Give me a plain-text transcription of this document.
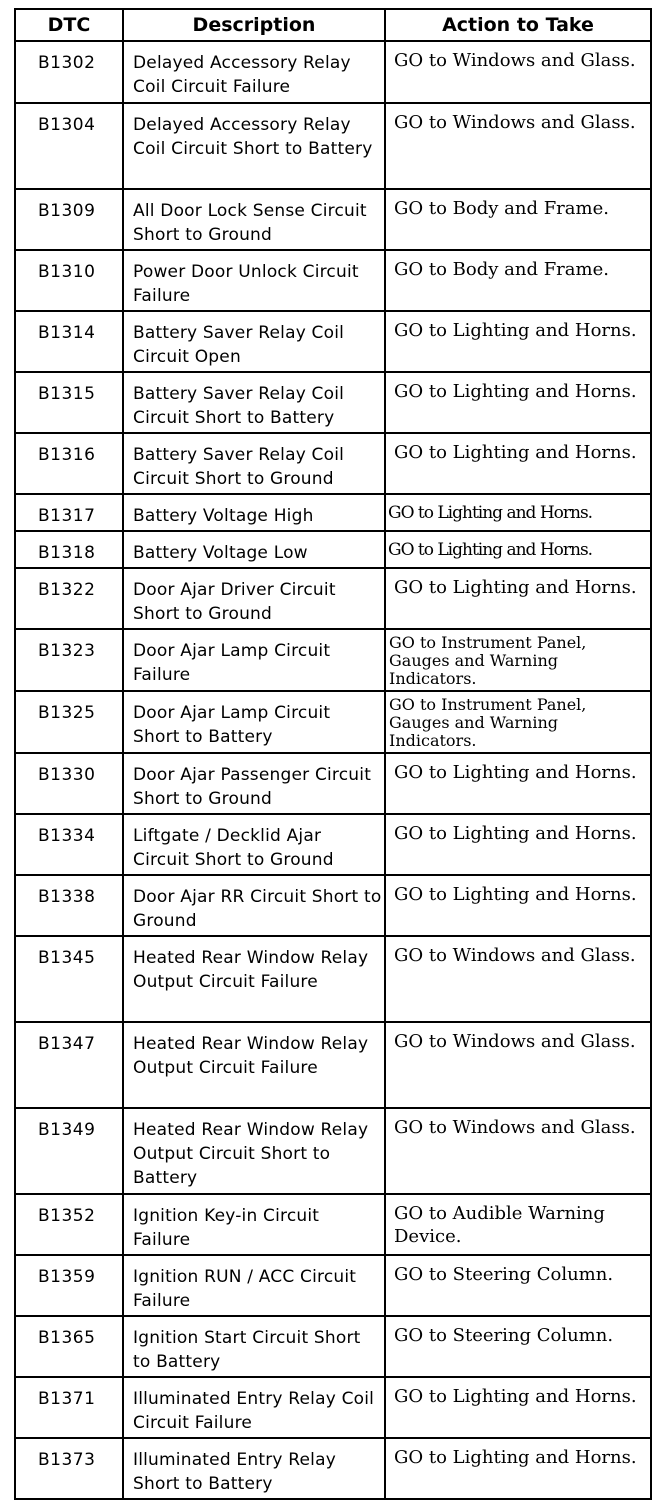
DTC	Description	Action to Take
B1302	Delayed Accessory Relay Coil Circuit Failure	GO to Windows and Glass.
B1304	Delayed Accessory Relay Coil Circuit Short to Battery	GO to Windows and Glass.
B1309	All Door Lock Sense Circuit Short to Ground	GO to Body and Frame.
B1310	Power Door Unlock Circuit Failure	GO to Body and Frame.
B1314	Battery Saver Relay Coil Circuit Open	GO to Lighting and Horns.
B1315	Battery Saver Relay Coil Circuit Short to Battery	GO to Lighting and Horns.
B1316	Battery Saver Relay Coil Circuit Short to Ground	GO to Lighting and Horns.
B1317	Battery Voltage High	GO to Lighting and Horns.
B1318	Battery Voltage Low	GO to Lighting and Horns.
B1322	Door Ajar Driver Circuit Short to Ground	GO to Lighting and Horns.
B1323	Door Ajar Lamp Circuit Failure	GO to Instrument Panel, Gauges and Warning Indicators.
B1325	Door Ajar Lamp Circuit Short to Battery	GO to Instrument Panel, Gauges and Warning Indicators.
B1330	Door Ajar Passenger Circuit Short to Ground	GO to Lighting and Horns.
B1334	Liftgate / Decklid Ajar Circuit Short to Ground	GO to Lighting and Horns.
B1338	Door Ajar RR Circuit Short to Ground	GO to Lighting and Horns.
B1345	Heated Rear Window Relay Output Circuit Failure	GO to Windows and Glass.
B1347	Heated Rear Window Relay Output Circuit Failure	GO to Windows and Glass.
B1349	Heated Rear Window Relay Output Circuit Short to Battery	GO to Windows and Glass.
B1352	Ignition Key-in Circuit Failure	GO to Audible Warning Device.
B1359	Ignition RUN / ACC Circuit Failure	GO to Steering Column.
B1365	Ignition Start Circuit Short to Battery	GO to Steering Column.
B1371	Illuminated Entry Relay Coil Circuit Failure	GO to Lighting and Horns.
B1373	Illuminated Entry Relay Short to Battery	GO to Lighting and Horns.
